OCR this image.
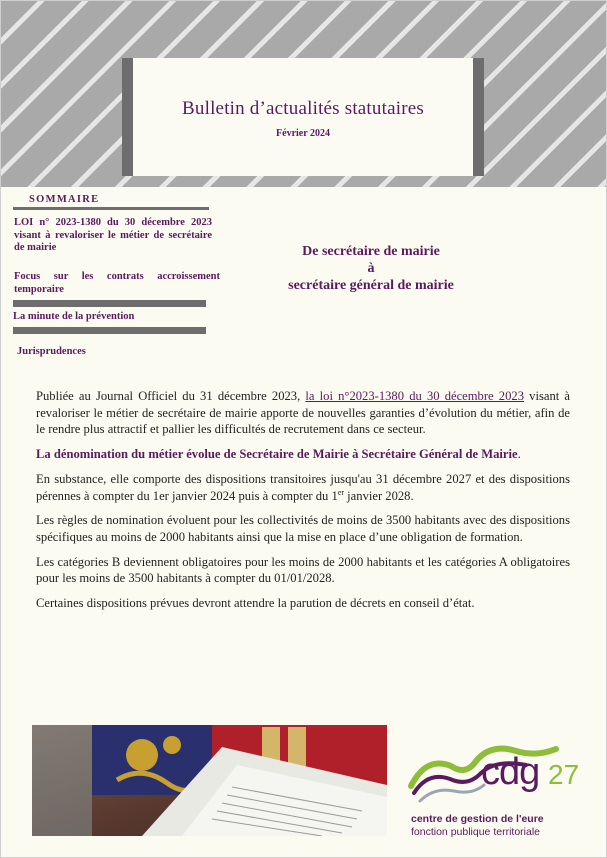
Bulletin d’actualités statutaires
Février 2024
SOMMAIRE
LOI n° 2023-1380 du 30 décembre 2023 visant à revaloriser le métier de secrétaire de mairie
Focus sur les contrats accroissement temporaire
La minute de la prévention
Jurisprudences
De secrétaire de mairie
à
secrétaire général de mairie

Publiée au Journal Officiel du 31 décembre 2023, la loi n°2023-1380 du 30 décembre 2023 visant à revaloriser le métier de secrétaire de mairie apporte de nouvelles garanties d’évolution du métier, afin de le rendre plus attractif et pallier les difficultés de recrutement dans ce secteur.

La dénomination du métier évolue de Secrétaire de Mairie à Secrétaire Général de Mairie.

En substance, elle comporte des dispositions transitoires jusqu'au 31 décembre 2027 et des dispositions pérennes à compter du 1er janvier 2024 puis à compter du 1er janvier 2028.

Les règles de nomination évoluent pour les collectivités de moins de 3500 habitants avec des dispositions spécifiques au moins de 2000 habitants ainsi que la mise en place d’une obligation de formation.

Les catégories B deviennent obligatoires pour les moins de 2000 habitants et les catégories A obligatoires pour les moins de 3500 habitants à compter du 01/01/2028.

Certaines dispositions prévues devront attendre la parution de décrets en conseil d’état.

cdg 27
centre de gestion de l'eure
fonction publique territoriale
